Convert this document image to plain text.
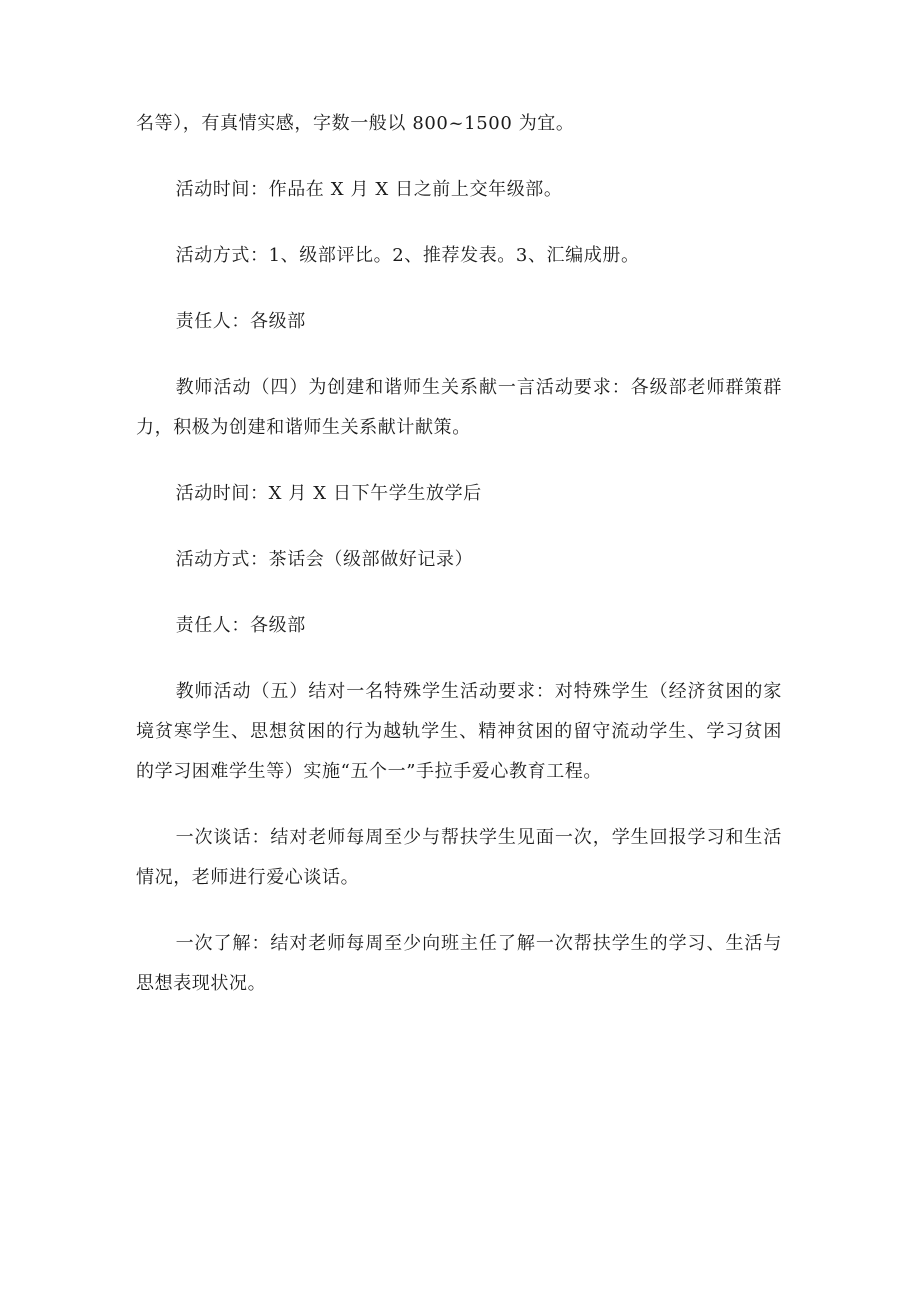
名等），有真情实感，字数一般以 800~1500 为宜。

活动时间：作品在 X 月 X 日之前上交年级部。

活动方式：1、级部评比。2、推荐发表。3、汇编成册。

责任人：各级部

教师活动（四）为创建和谐师生关系献一言活动要求：各级部老师群策群力，积极为创建和谐师生关系献计献策。

活动时间：X 月 X 日下午学生放学后

活动方式：茶话会（级部做好记录）

责任人：各级部

教师活动（五）结对一名特殊学生活动要求：对特殊学生（经济贫困的家境贫寒学生、思想贫困的行为越轨学生、精神贫困的留守流动学生、学习贫困的学习困难学生等）实施“五个一”手拉手爱心教育工程。

一次谈话：结对老师每周至少与帮扶学生见面一次，学生回报学习和生活情况，老师进行爱心谈话。

一次了解：结对老师每周至少向班主任了解一次帮扶学生的学习、生活与思想表现状况。
